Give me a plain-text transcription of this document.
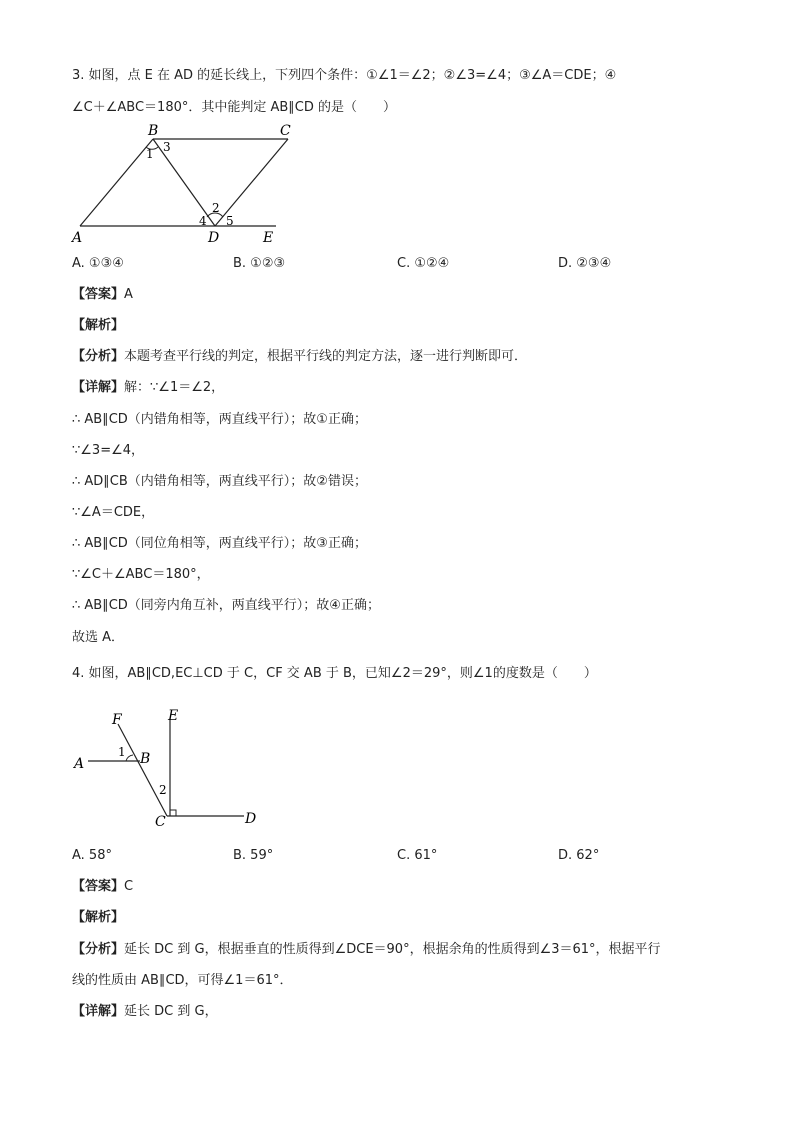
3. 如图，点 E 在 AD 的延长线上，下列四个条件：①∠1＝∠2；②∠3=∠4；③∠A＝CDE；④
∠C＋∠ABC＝180°．其中能判定 AB∥CD 的是（　　）
B	C
A	D	E
1 3
2
4 5
A. ①③④	B. ①②③	C. ①②④	D. ②③④
【答案】A
【解析】
【分析】本题考查平行线的判定，根据平行线的判定方法，逐一进行判断即可．
【详解】解：∵∠1＝∠2，
∴ AB∥CD（内错角相等，两直线平行）；故①正确；
∵∠3=∠4，
∴ AD∥CB（内错角相等，两直线平行）；故②错误；
∵∠A＝CDE，
∴ AB∥CD（同位角相等，两直线平行）；故③正确；
∵∠C＋∠ABC＝180°，
∴ AB∥CD（同旁内角互补，两直线平行）；故④正确；
故选 A．
4. 如图，AB∥CD,EC⊥CD 于 C，CF 交 AB 于 B，已知∠2＝29°，则∠1的度数是（　　）
F	E
A	B
C	D
1
2
A. 58°	B. 59°	C. 61°	D. 62°
【答案】C
【解析】
【分析】延长 DC 到 G，根据垂直的性质得到∠DCE＝90°，根据余角的性质得到∠3＝61°，根据平行
线的性质由 AB∥CD，可得∠1＝61°．
【详解】延长 DC 到 G，
